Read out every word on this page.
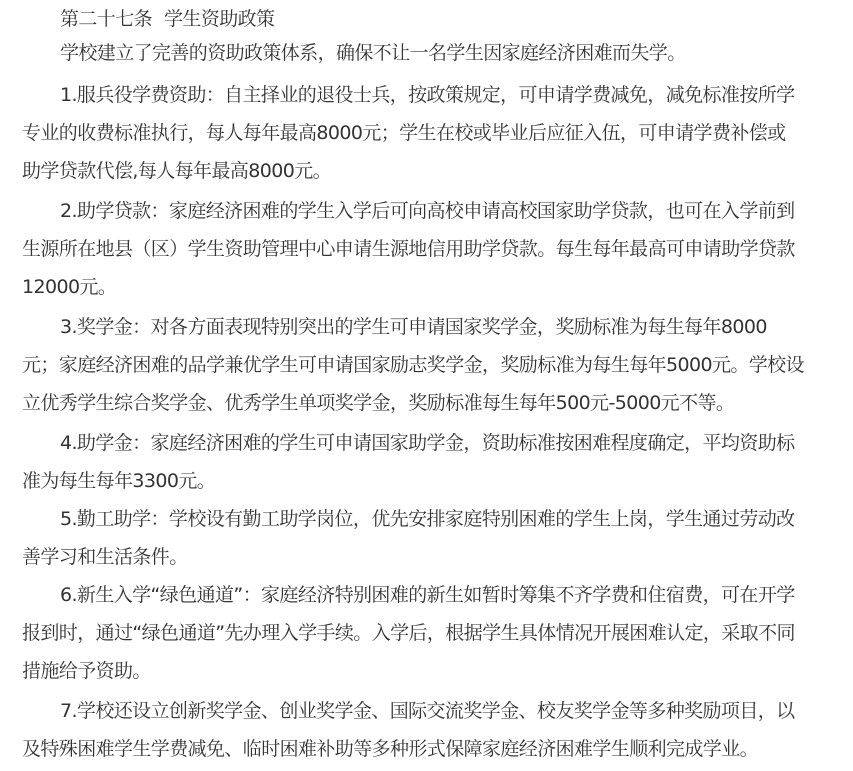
第二十七条 学生资助政策
学校建立了完善的资助政策体系，确保不让一名学生因家庭经济困难而失学。
1.服兵役学费资助：自主择业的退役士兵，按政策规定，可申请学费减免，减免标准按所学
专业的收费标准执行，每人每年最高8000元；学生在校或毕业后应征入伍，可申请学费补偿或
助学贷款代偿,每人每年最高8000元。
2.助学贷款：家庭经济困难的学生入学后可向高校申请高校国家助学贷款，也可在入学前到
生源所在地县（区）学生资助管理中心申请生源地信用助学贷款。每生每年最高可申请助学贷款
12000元。
3.奖学金：对各方面表现特别突出的学生可申请国家奖学金，奖励标准为每生每年8000
元；家庭经济困难的品学兼优学生可申请国家励志奖学金，奖励标准为每生每年5000元。学校设
立优秀学生综合奖学金、优秀学生单项奖学金，奖励标准每生每年500元-5000元不等。
4.助学金：家庭经济困难的学生可申请国家助学金，资助标准按困难程度确定，平均资助标
准为每生每年3300元。
5.勤工助学：学校设有勤工助学岗位，优先安排家庭特别困难的学生上岗，学生通过劳动改
善学习和生活条件。
6.新生入学“绿色通道”：家庭经济特别困难的新生如暂时筹集不齐学费和住宿费，可在开学
报到时，通过“绿色通道”先办理入学手续。入学后，根据学生具体情况开展困难认定，采取不同
措施给予资助。
7.学校还设立创新奖学金、创业奖学金、国际交流奖学金、校友奖学金等多种奖励项目，以
及特殊困难学生学费减免、临时困难补助等多种形式保障家庭经济困难学生顺利完成学业。
